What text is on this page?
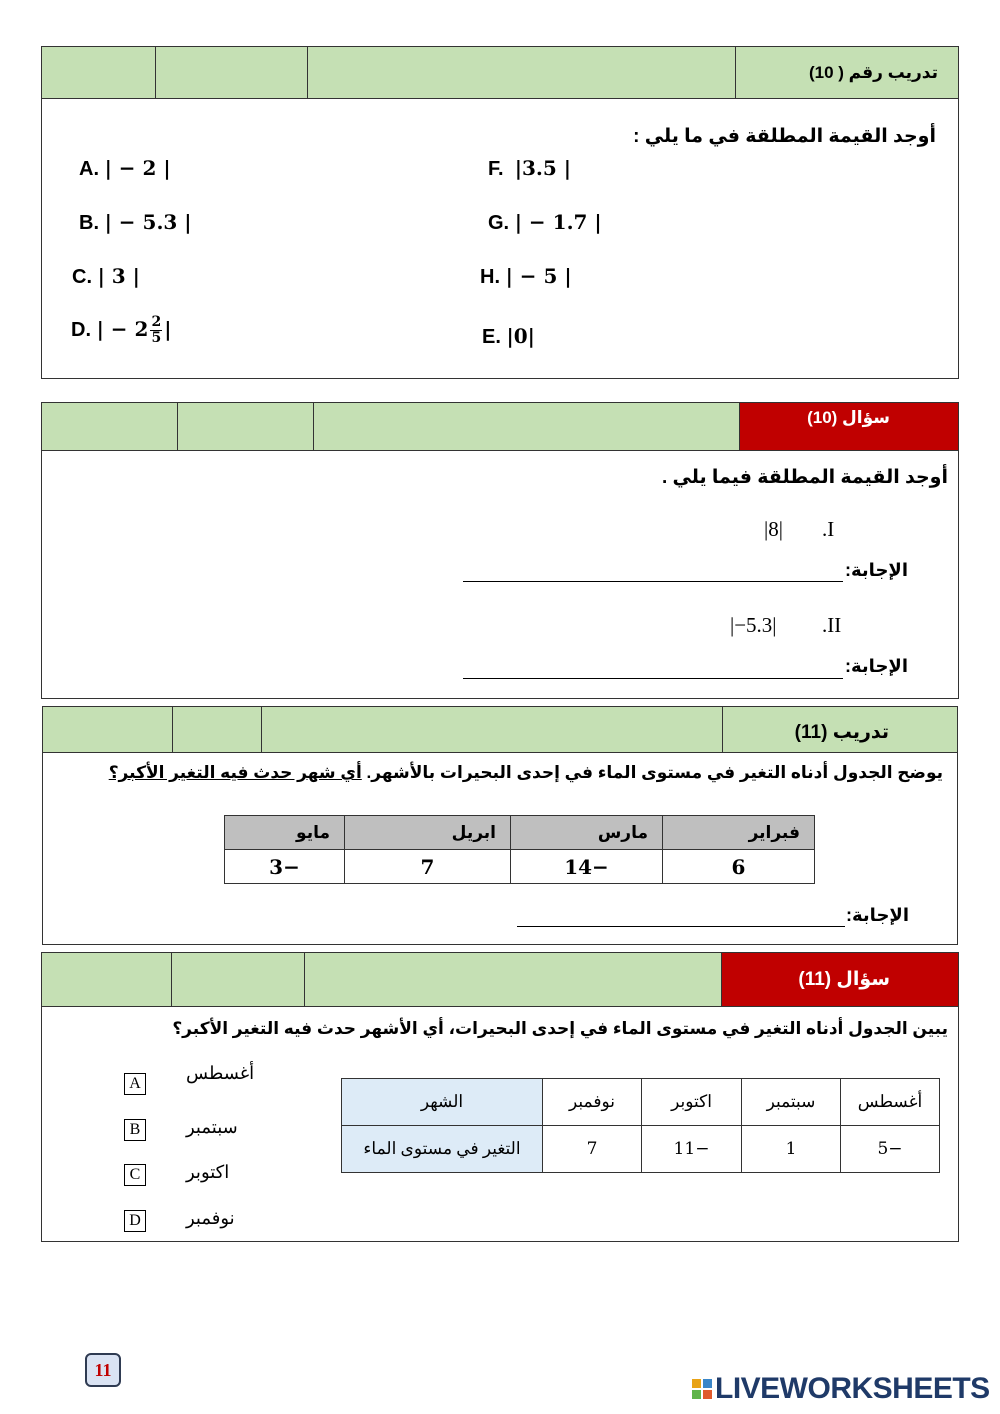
تدريب رقم ( 10)
أوجد القيمة المطلقة في ما يلي :
A. | − 2 |
B. | − 5.3 |
C. | 3 |
D. | − $2 \frac{2}{5}$ |
F. |3.5 |
G. | − 1.7 |
H. | − 5 |
E. |0|
سؤال (10)
أوجد القيمة المطلقة فيما يلي .
.I
|8|
الإجابة:
.II
|−5.3|
الإجابة:
تدريب (11)
يوضح الجدول أدناه التغير في مستوى الماء في إحدى البحيرات بالأشهر. أي شهر حدث فيه التغير الأكبر؟
فبراير	مارس	ابريل	مايو
6	−14	7	−3
الإجابة:
سؤال (11)
يبين الجدول أدناه التغير في مستوى الماء في إحدى البحيرات، أي الأشهر حدث فيه التغير الأكبر؟
A
أغسطس
B	سبتمبر
C	اكتوبر
D	نوفمبر
أغسطس	سبتمبر	اكتوبر	نوفمبر	الشهر
−5	1	−11	7	التغير في مستوى الماء
11
LIVEWORKSHEETS
